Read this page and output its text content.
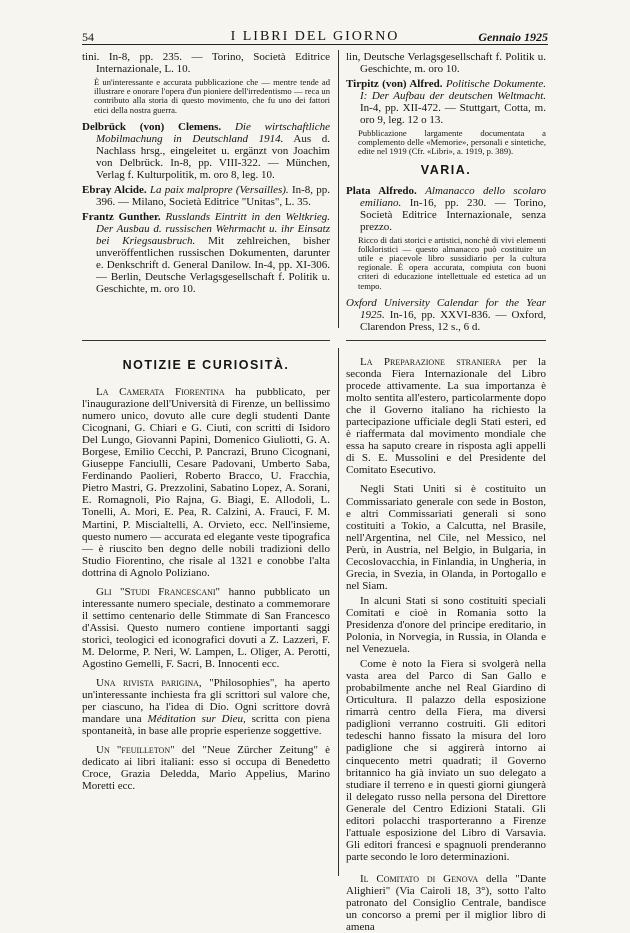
54	I LIBRI DEL GIORNO	Gennaio 1925

tini. In-8, pp. 235. — Torino, Società Editrice Internazionale, L. 10.

È un'interessante e accurata pubblicazione che — mentre tende ad illustrare e onorare l'opera d'un pioniere dell'irredentismo — reca un contributo alla storia di questo movimento, che fu uno dei fattori etici della nostra guerra.

Delbrück (von) Clemens. Die wirtschaftliche Mobilmachung in Deutschland 1914. Aus d. Nachlass hrsg., eingeleitet u. ergänzt von Joachim von Delbrück. In-8, pp. VIII-322. — München, Verlag f. Kulturpolitik, m. oro 8, leg. 10.

Ebray Alcide. La paix malpropre (Versailles). In-8, pp. 396. — Milano, Società Editrice "Unitas", L. 35.

Frantz Gunther. Russlands Eintritt in den Weltkrieg. Der Ausbau d. russischen Wehrmacht u. ihr Einsatz bei Kriegsausbruch. Mit zehlreichen, bisher unveröffentlichen russischen Dokumenten, darunter e. Denkschrift d. General Danilow. In-4, pp. XI-306. — Berlin, Deutsche Verlagsgesellschaft f. Politik u. Geschichte, m. oro 10.

lin, Deutsche Verlagsgesellschaft f. Politik u. Geschichte, m. oro 10.

Tirpitz (von) Alfred. Politische Dokumente. I: Der Aufbau der deutschen Weltmacht. In-4, pp. XII-472. — Stuttgart, Cotta, m. oro 9, leg. 12 o 13.

Pubblicazione largamente documentata a complemento delle «Memorie», personali e sintetiche, edite nel 1919 (Cfr. «Libri», a. 1919, p. 389).

VARIA.

Plata Alfredo. Almanacco dello scolaro emiliano. In-16, pp. 230. — Torino, Società Editrice Internazionale, senza prezzo.

Ricco di dati storici e artistici, nonchè di vivi elementi folkloristici — questo almanacco può costituire un utile e piacevole libro sussidiario per la cultura regionale. È opera accurata, compiuta con buoni criteri di educazione intellettuale ed estetica ad un tempo.

Oxford University Calendar for the Year 1925. In-16, pp. XXVI-836. — Oxford, Clarendon Press, 12 s., 6 d.

NOTIZIE E CURIOSITÀ.

La Camerata Fiorentina ha pubblicato, per l'inaugurazione dell'Università di Firenze, un bellissimo numero unico, dovuto alle cure degli studenti Dante Cicognani, G. Chiari e G. Ciuti, con scritti di Isidoro Del Lungo, Giovanni Papini, Domenico Giuliotti, G. A. Borgese, Emilio Cecchi, P. Pancrazi, Bruno Cicognani, Giuseppe Fanciulli, Cesare Padovani, Umberto Saba, Ferdinando Paolieri, Roberto Bracco, U. Fracchia, Pietro Mastri, G. Prezzolini, Sabatino Lopez, A. Sorani, E. Romagnoli, Pio Rajna, G. Biagi, E. Allodoli, L. Tonelli, A. Mori, E. Pea, R. Calzini, A. Frauci, F. M. Martini, P. Miscialtelli, A. Orvieto, ecc. Nell'insieme, questo numero — accurata ed elegante veste tipografica — è riuscito ben degno delle nobili tradizioni dello Studio Fiorentino, che risale al 1321 e conobbe l'alta dottrina di Agnolo Poliziano.

Gli "Studi Francescani" hanno pubblicato un interessante numero speciale, destinato a commemorare il settimo centenario delle Stimmate di San Francesco d'Assisi. Questo numero contiene importanti saggi storici, teologici ed iconografici dovuti a Z. Lazzeri, F. M. Delorme, P. Neri, W. Lampen, L. Oliger, A. Perotti, Agostino Gemelli, F. Sacri, B. Innocenti ecc.

Una rivista parigina, "Philosophies", ha aperto un'interessante inchiesta fra gli scrittori sul valore che, per ciascuno, ha l'idea di Dio. Ogni scrittore dovrà mandare una Méditation sur Dieu, scritta con piena spontaneità, in base alle proprie esperienze soggettive.

Un "feuilleton" del "Neue Zürcher Zeitung" è dedicato ai libri italiani: esso si occupa di Benedetto Croce, Grazia Deledda, Mario Appelius, Marino Moretti ecc.

La Preparazione straniera per la seconda Fiera Internazionale del Libro procede attivamente. La sua importanza è molto sentita all'estero, particolarmente dopo che il Governo italiano ha richiesto la partecipazione ufficiale degli Stati esteri, ed è riaffermata dal movimento mondiale che essa ha saputo creare in risposta agli appelli di S. E. Mussolini e del Presidente del Comitato Esecutivo.

Negli Stati Uniti si è costituito un Commissariato generale con sede in Boston, e altri Commissariati generali si sono costituiti a Tokio, a Calcutta, nel Brasile, nell'Argentina, nel Cile, nel Messico, nel Perù, in Austria, nel Belgio, in Bulgaria, in Cecoslovacchia, in Finlandia, in Ungheria, in Grecia, in Svezia, in Olanda, in Portogallo e nel Siam.

In alcuni Stati si sono costituiti speciali Comitati e cioè in Romania sotto la Presidenza d'onore del principe ereditario, in Polonia, in Norvegia, in Russia, in Olanda e nel Venezuela.

Come è noto la Fiera si svolgerà nella vasta area del Parco di San Gallo e probabilmente anche nel Real Giardino di Orticultura. Il palazzo della esposizione rimarrà centro della Fiera, ma diversi padiglioni verranno costruiti. Gli editori tedeschi hanno fissato la misura del loro padiglione che si aggirerà intorno ai cinquecento metri quadrati; il Governo britannico ha già inviato un suo delegato a studiare il terreno e in questi giorni giungerà il delegato russo nella persona del Direttore Generale del Centro Edizioni Statali. Gli editori polacchi trasporteranno a Firenze l'attuale esposizione del Libro di Varsavia. Gli editori francesi e spagnuoli prenderanno parte secondo le loro determinazioni.

Il Comitato di Genova della "Dante Alighieri" (Via Cairoli 18, 3°), sotto l'alto patronato del Consiglio Centrale, bandisce un concorso a premi per il miglior libro di amena
